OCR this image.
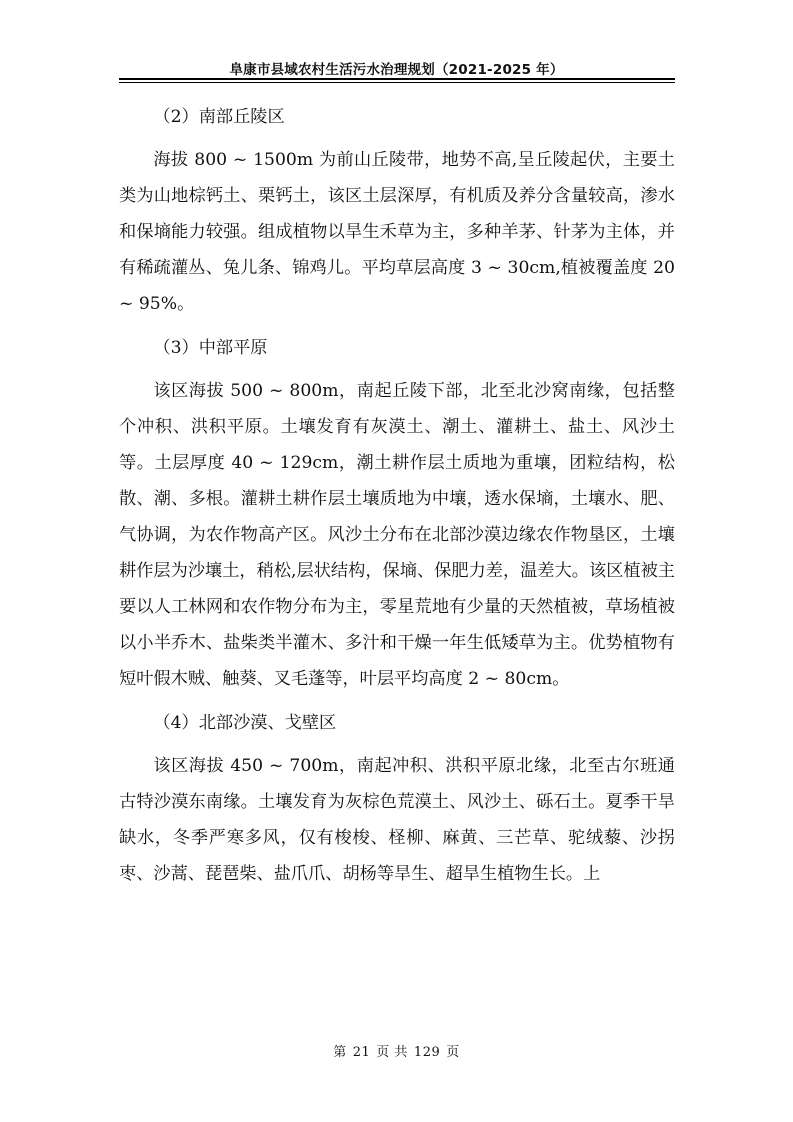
阜康市县域农村生活污水治理规划（2021-2025 年）

（2）南部丘陵区

海拔 800 ~ 1500m 为前山丘陵带，地势不高,呈丘陵起伏，主要土类为山地棕钙土、栗钙土，该区土层深厚，有机质及养分含量较高，渗水和保墒能力较强。组成植物以旱生禾草为主，多种羊茅、针茅为主体，并有稀疏灌丛、兔儿条、锦鸡儿。平均草层高度 3 ~ 30cm,植被覆盖度 20 ~ 95%。

（3）中部平原

该区海拔 500 ~ 800m，南起丘陵下部，北至北沙窝南缘，包括整个冲积、洪积平原。土壤发育有灰漠土、潮土、灌耕土、盐土、风沙土等。土层厚度 40 ~ 129cm，潮土耕作层土质地为重壤，团粒结构，松散、潮、多根。灌耕土耕作层土壤质地为中壤，透水保墒，土壤水、肥、气协调，为农作物高产区。风沙土分布在北部沙漠边缘农作物垦区，土壤耕作层为沙壤土，稍松,层状结构，保墒、保肥力差，温差大。该区植被主要以人工林网和农作物分布为主，零星荒地有少量的天然植被，草场植被以小半乔木、盐柴类半灌木、多汁和干燥一年生低矮草为主。优势植物有短叶假木贼、触葵、叉毛蓬等，叶层平均高度 2 ~ 80cm。

（4）北部沙漠、戈壁区

该区海拔 450 ~ 700m，南起冲积、洪积平原北缘，北至古尔班通古特沙漠东南缘。土壤发育为灰棕色荒漠土、风沙土、砾石土。夏季干旱缺水，冬季严寒多风，仅有梭梭、柽柳、麻黄、三芒草、驼绒藜、沙拐枣、沙蒿、琵琶柴、盐爪爪、胡杨等旱生、超旱生植物生长。上

第 21 页 共 129 页
